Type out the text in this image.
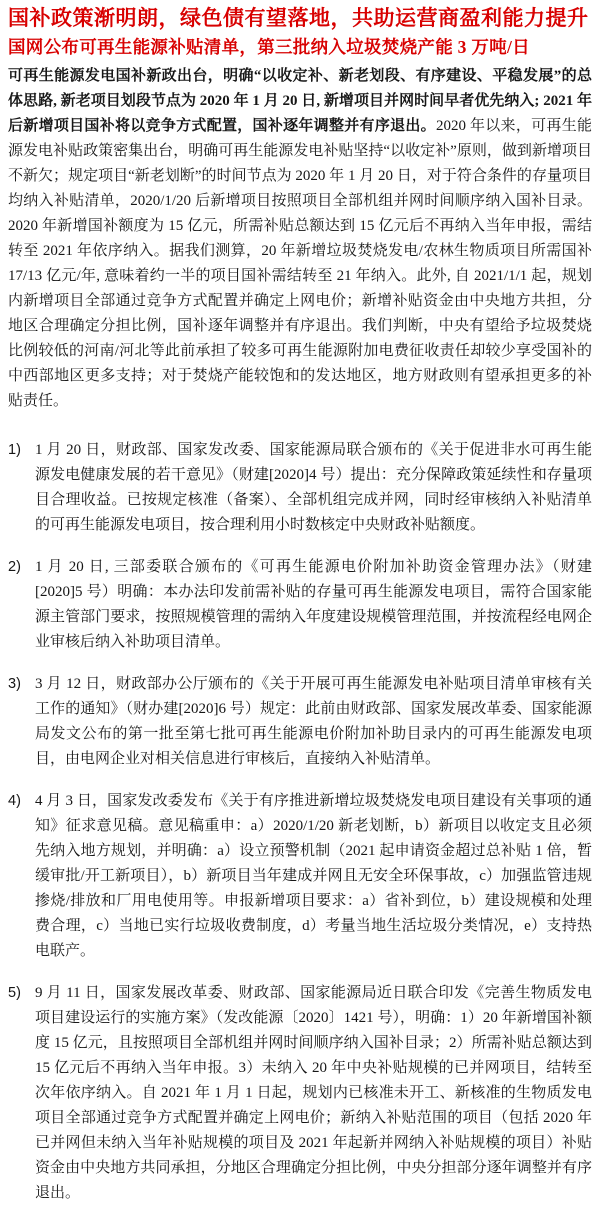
国补政策渐明朗，绿色债有望落地，共助运营商盈利能力提升
国网公布可再生能源补贴清单，第三批纳入垃圾焚烧产能 3 万吨/日

可再生能源发电国补新政出台，明确“以收定补、新老划段、有序建设、平稳发展”的总体思路, 新老项目划段节点为 2020 年 1 月 20 日, 新增项目并网时间早者优先纳入; 2021 年后新增项目国补将以竞争方式配置，国补逐年调整并有序退出。2020 年以来，可再生能源发电补贴政策密集出台，明确可再生能源发电补贴坚持“以收定补”原则，做到新增项目不新欠；规定项目“新老划断”的时间节点为 2020 年 1 月 20 日，对于符合条件的存量项目均纳入补贴清单，2020/1/20 后新增项目按照项目全部机组并网时间顺序纳入国补目录。2020 年新增国补额度为 15 亿元，所需补贴总额达到 15 亿元后不再纳入当年申报，需结转至 2021 年依序纳入。据我们测算，20 年新增垃圾焚烧发电/农林生物质项目所需国补 17/13 亿元/年, 意味着约一半的项目国补需结转至 21 年纳入。此外, 自 2021/1/1 起，规划内新增项目全部通过竞争方式配置并确定上网电价；新增补贴资金由中央地方共担，分地区合理确定分担比例，国补逐年调整并有序退出。我们判断，中央有望给予垃圾焚烧比例较低的河南/河北等此前承担了较多可再生能源附加电费征收责任却较少享受国补的中西部地区更多支持；对于焚烧产能较饱和的发达地区，地方财政则有望承担更多的补贴责任。

1) 1 月 20 日，财政部、国家发改委、国家能源局联合颁布的《关于促进非水可再生能源发电健康发展的若干意见》（财建[2020]4 号）提出：充分保障政策延续性和存量项目合理收益。已按规定核准（备案）、全部机组完成并网，同时经审核纳入补贴清单的可再生能源发电项目，按合理利用小时数核定中央财政补贴额度。
2) 1 月 20 日, 三部委联合颁布的《可再生能源电价附加补助资金管理办法》（财建[2020]5 号）明确：本办法印发前需补贴的存量可再生能源发电项目，需符合国家能源主管部门要求，按照规模管理的需纳入年度建设规模管理范围，并按流程经电网企业审核后纳入补助项目清单。
3) 3 月 12 日，财政部办公厅颁布的《关于开展可再生能源发电补贴项目清单审核有关工作的通知》（财办建[2020]6 号）规定：此前由财政部、国家发展改革委、国家能源局发文公布的第一批至第七批可再生能源电价附加补助目录内的可再生能源发电项目，由电网企业对相关信息进行审核后，直接纳入补贴清单。
4) 4 月 3 日，国家发改委发布《关于有序推进新增垃圾焚烧发电项目建设有关事项的通知》征求意见稿。意见稿重申：a）2020/1/20 新老划断，b）新项目以收定支且必须先纳入地方规划，并明确：a）设立预警机制（2021 起申请资金超过总补贴 1 倍，暂缓审批/开工新项目），b）新项目当年建成并网且无安全环保事故，c）加强监管违规掺烧/排放和厂用电使用等。申报新增项目要求：a）省补到位，b）建设规模和处理费合理，c）当地已实行垃圾收费制度，d）考量当地生活垃圾分类情况，e）支持热电联产。
5) 9 月 11 日，国家发展改革委、财政部、国家能源局近日联合印发《完善生物质发电项目建设运行的实施方案》（发改能源〔2020〕1421 号），明确：1）20 年新增国补额度 15 亿元，且按照项目全部机组并网时间顺序纳入国补目录；2）所需补贴总额达到 15 亿元后不再纳入当年申报。3）未纳入 20 年中央补贴规模的已并网项目，结转至次年依序纳入。自 2021 年 1 月 1 日起，规划内已核准未开工、新核准的生物质发电项目全部通过竞争方式配置并确定上网电价；新纳入补贴范围的项目（包括 2020 年已并网但未纳入当年补贴规模的项目及 2021 年起新并网纳入补贴规模的项目）补贴资金由中央地方共同承担，分地区合理确定分担比例，中央分担部分逐年调整并有序退出。
